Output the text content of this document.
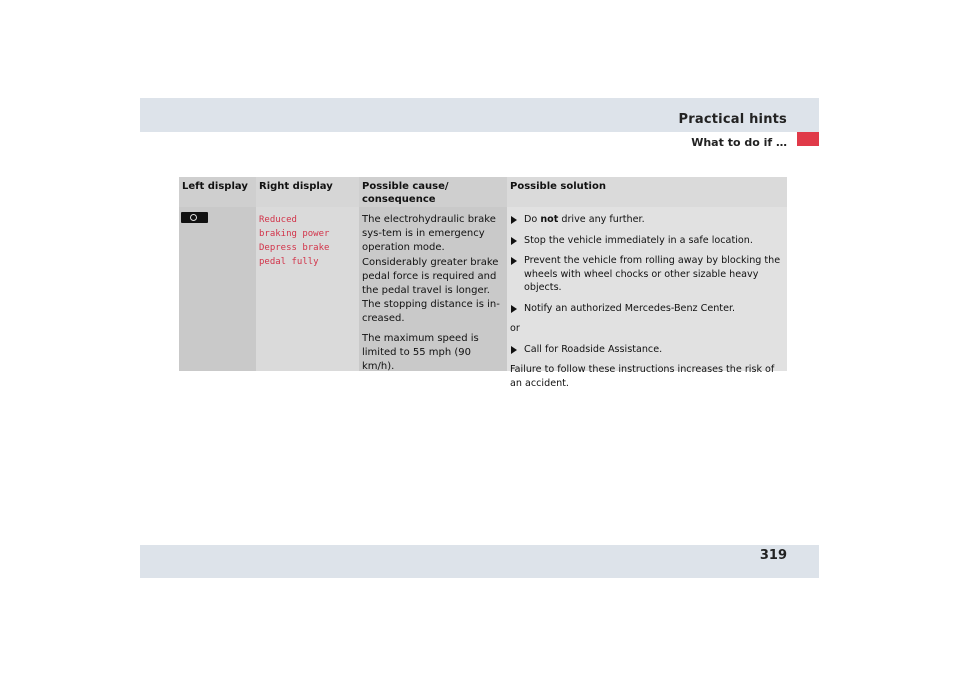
Practical hints
What to do if …
Left display Right display
Reduced
braking power
Depress brake
pedal fully
Possible cause/ consequence

The electrohydraulic brake sys-tem is in emergency operation mode. Considerably greater brake pedal force is required and the pedal travel is longer. The stopping distance is in-creased.

The maximum speed is limited to 55 mph (90 km/h).

Possible solution
Do not drive any further.
Stop the vehicle immediately in a safe location.
Prevent the vehicle from rolling away by blocking the wheels with wheel chocks or other sizable heavy objects.
Notify an authorized Mercedes-Benz Center.
or
Call for Roadside Assistance.
Failure to follow these instructions increases the risk of an accident.
319
